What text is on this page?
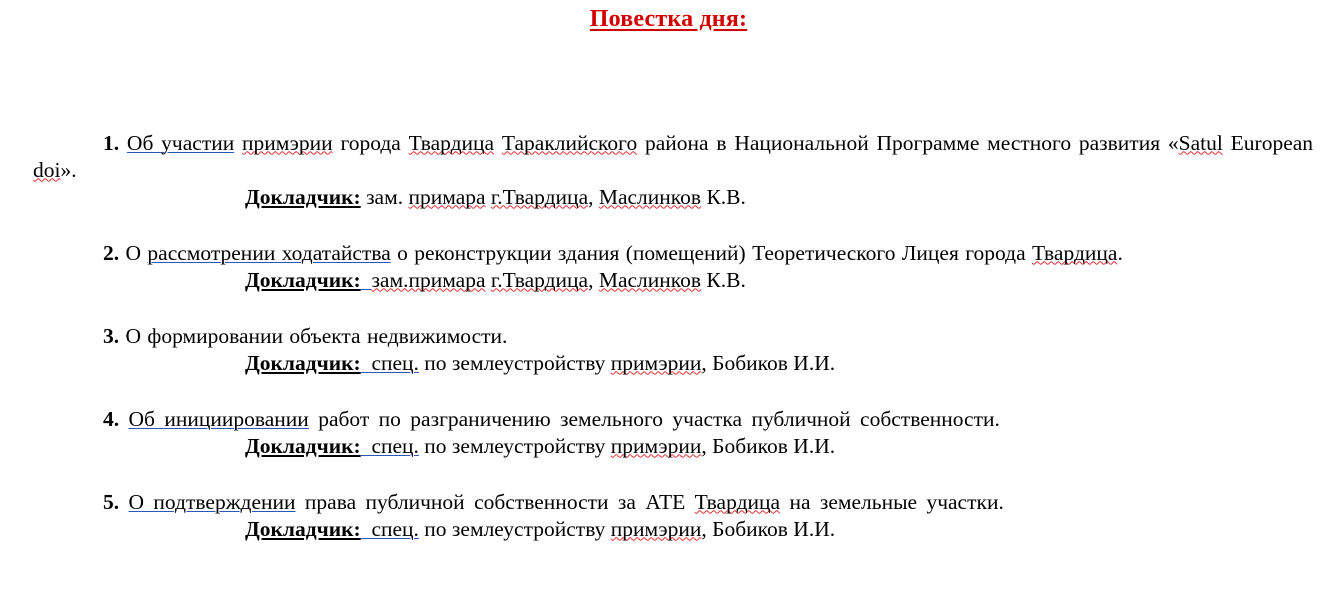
Повестка дня:

1. Об участии примэрии города Твардица Тараклийского района в Национальной Программе местного развития «Satul European doi».

Докладчик: зам. примара г.Твардица, Маслинков К.В.

2. О рассмотрении ходатайства о реконструкции здания (помещений) Теоретического Лицея города Твардица.

Докладчик: зам.примара г.Твардица, Маслинков К.В.

3. О формировании объекта недвижимости.

Докладчик: спец. по землеустройству примэрии, Бобиков И.И.

4. Об инициировании работ по разграничению земельного участка публичной собственности.

Докладчик: спец. по землеустройству примэрии, Бобиков И.И.

5. О подтверждении права публичной собственности за АТЕ Твардица на земельные участки.

Докладчик: спец. по землеустройству примэрии, Бобиков И.И.
